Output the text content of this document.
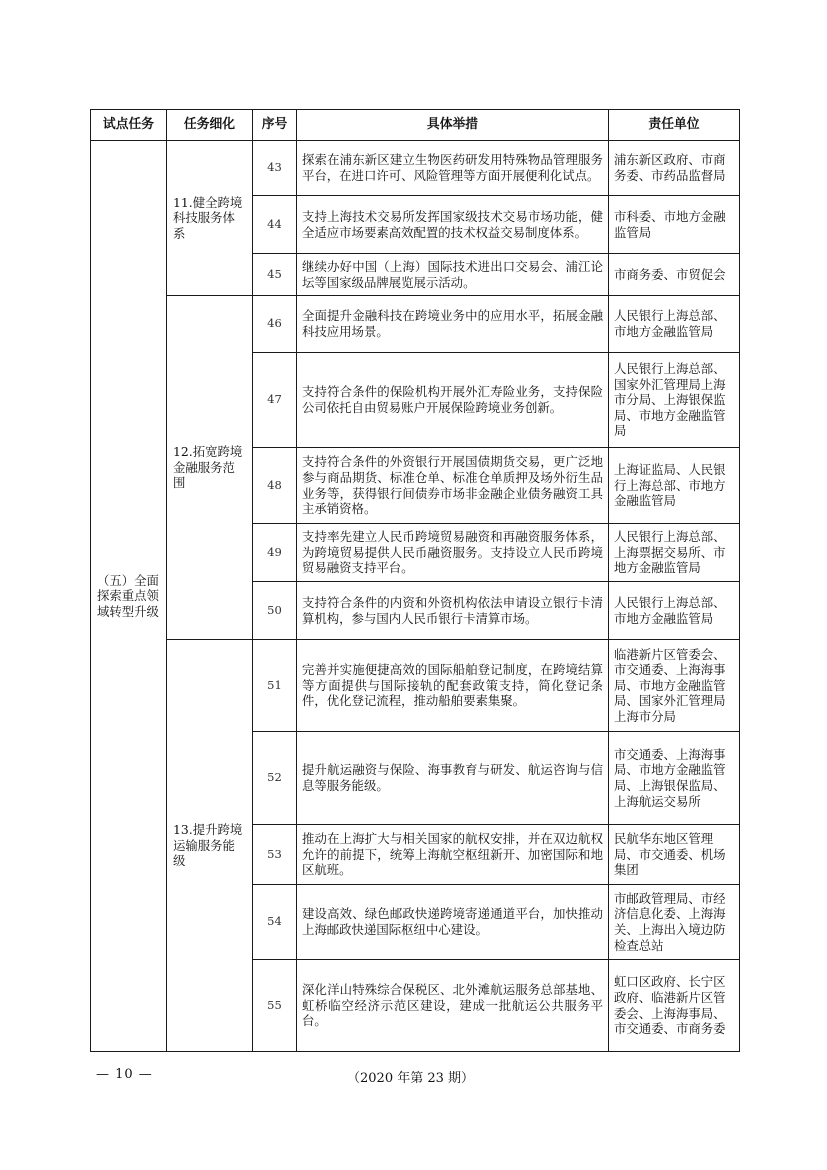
试点任务	任务细化	序号	具体举措	责任单位
（五）全面探索重点领域转型升级	11.健全跨境科技服务体系	43	探索在浦东新区建立生物医药研发用特殊物品管理服务平台，在进口许可、风险管理等方面开展便利化试点。	浦东新区政府、市商务委、市药品监督局
		44	支持上海技术交易所发挥国家级技术交易市场功能，健全适应市场要素高效配置的技术权益交易制度体系。	市科委、市地方金融监管局
		45	继续办好中国（上海）国际技术进出口交易会、浦江论坛等国家级品牌展览展示活动。	市商务委、市贸促会
	12.拓宽跨境金融服务范围	46	全面提升金融科技在跨境业务中的应用水平，拓展金融科技应用场景。	人民银行上海总部、市地方金融监管局
		47	支持符合条件的保险机构开展外汇寿险业务，支持保险公司依托自由贸易账户开展保险跨境业务创新。	人民银行上海总部、国家外汇管理局上海市分局、上海银保监局、市地方金融监管局
		48	支持符合条件的外资银行开展国债期货交易，更广泛地参与商品期货、标准仓单、标准仓单质押及场外衍生品业务等，获得银行间债券市场非金融企业债务融资工具主承销资格。	上海证监局、人民银行上海总部、市地方金融监管局
		49	支持率先建立人民币跨境贸易融资和再融资服务体系，为跨境贸易提供人民币融资服务。支持设立人民币跨境贸易融资支持平台。	人民银行上海总部、上海票据交易所、市地方金融监管局
		50	支持符合条件的内资和外资机构依法申请设立银行卡清算机构，参与国内人民币银行卡清算市场。	人民银行上海总部、市地方金融监管局
	13.提升跨境运输服务能级	51	完善并实施便捷高效的国际船舶登记制度，在跨境结算等方面提供与国际接轨的配套政策支持，简化登记条件，优化登记流程，推动船舶要素集聚。	临港新片区管委会、市交通委、上海海事局、市地方金融监管局、国家外汇管理局上海市分局
		52	提升航运融资与保险、海事教育与研发、航运咨询与信息等服务能级。	市交通委、上海海事局、市地方金融监管局、上海银保监局、上海航运交易所
		53	推动在上海扩大与相关国家的航权安排，并在双边航权允许的前提下，统筹上海航空枢纽新开、加密国际和地区航班。	民航华东地区管理局、市交通委、机场集团
		54	建设高效、绿色邮政快递跨境寄递通道平台，加快推动上海邮政快递国际枢纽中心建设。	市邮政管理局、市经济信息化委、上海海关、上海出入境边防检查总站
		55	深化洋山特殊综合保税区、北外滩航运服务总部基地、虹桥临空经济示范区建设，建成一批航运公共服务平台。	虹口区政府、长宁区政府、临港新片区管委会、上海海事局、市交通委、市商务委
— 10 —	（2020 年第 23 期）
